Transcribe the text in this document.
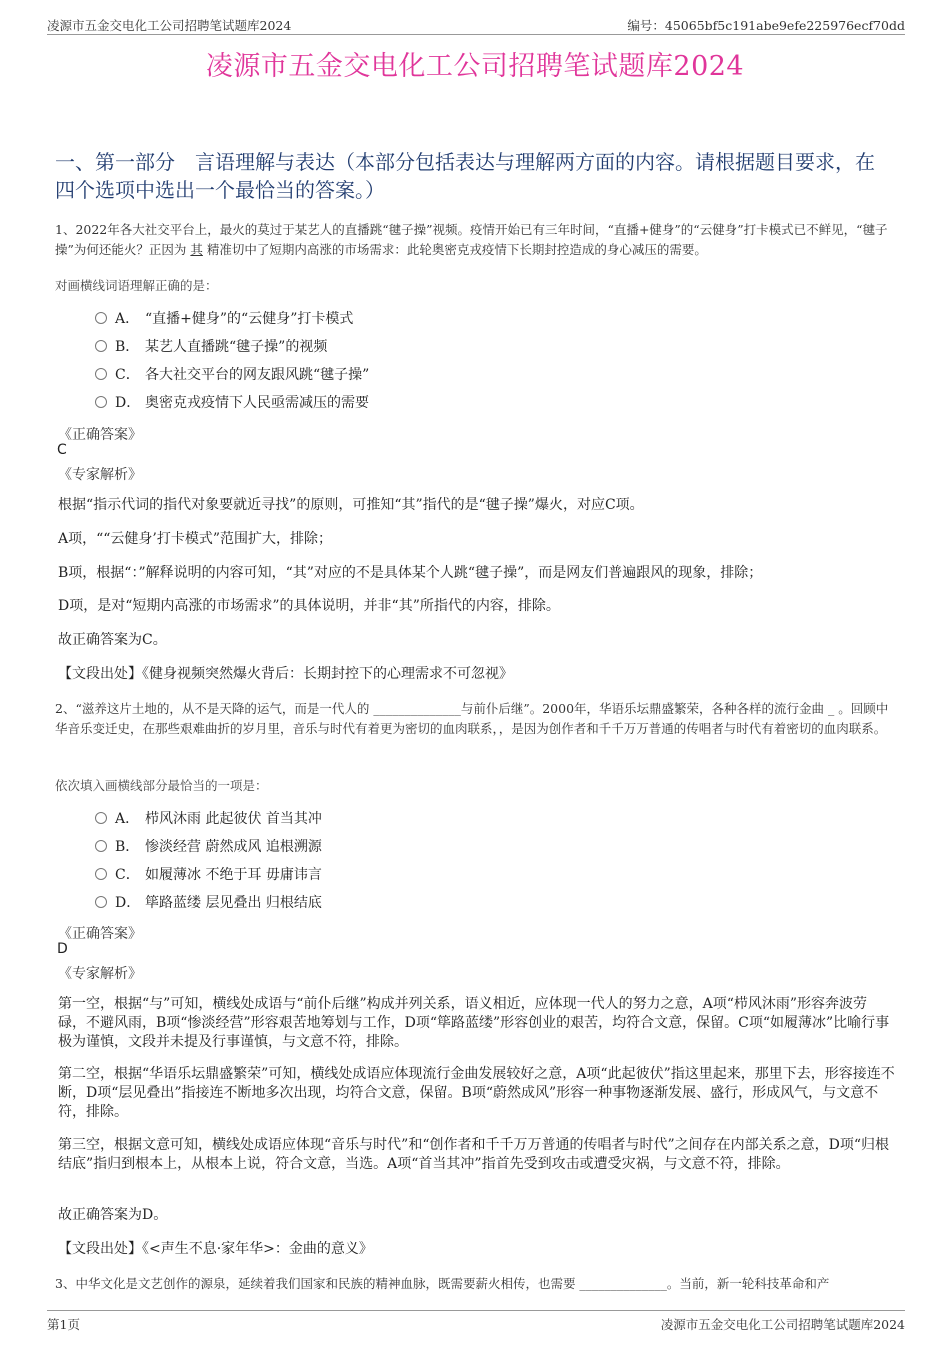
凌源市五金交电化工公司招聘笔试题库2024	编号：45065bf5c191abe9efe225976ecf70dd
凌源市五金交电化工公司招聘笔试题库2024
一、第一部分　言语理解与表达（本部分包括表达与理解两方面的内容。请根据题目要求，在四个选项中选出一个最恰当的答案。）
1、2022年各大社交平台上，最火的莫过于某艺人的直播跳“毽子操”视频。疫情开始已有三年时间，“直播+健身”的“云健身”打卡模式已不鲜见，“毽子操”为何还能火？正因为 其 精准切中了短期内高涨的市场需求：此轮奥密克戎疫情下长期封控造成的身心减压的需要。
对画横线词语理解正确的是：
A． “直播+健身”的“云健身”打卡模式
B． 某艺人直播跳“毽子操”的视频
C． 各大社交平台的网友跟风跳“毽子操”
D． 奥密克戎疫情下人民亟需减压的需要
《正确答案》
C
《专家解析》
根据“指示代词的指代对象要就近寻找”的原则，可推知“其”指代的是“毽子操”爆火，对应C项。
A项，““云健身’打卡模式”范围扩大，排除；
B项，根据“：”解释说明的内容可知，“其”对应的不是具体某个人跳“毽子操”，而是网友们普遍跟风的现象，排除；
D项，是对“短期内高涨的市场需求”的具体说明，并非“其”所指代的内容，排除。
故正确答案为C。
【文段出处】《健身视频突然爆火背后：长期封控下的心理需求不可忽视》
2、“滋养这片土地的，从不是天降的运气，而是一代人的 ______________与前仆后继”。2000年，华语乐坛鼎盛繁荣，各种各样的流行金曲 _ 。回顾中华音乐变迁史，在那些艰难曲折的岁月里，音乐与时代有着更为密切的血肉联系，，是因为创作者和千千万万普通的传唱者与时代有着密切的血肉联系。
依次填入画横线部分最恰当的一项是：
A． 栉风沐雨 此起彼伏 首当其冲
B． 惨淡经营 蔚然成风 追根溯源
C． 如履薄冰 不绝于耳 毋庸讳言
D． 筚路蓝缕 层见叠出 归根结底
《正确答案》
D
《专家解析》
第一空，根据“与”可知，横线处成语与“前仆后继”构成并列关系，语义相近，应体现一代人的努力之意，A项“栉风沐雨”形容奔波劳碌，不避风雨，B项“惨淡经营”形容艰苦地筹划与工作，D项“筚路蓝缕”形容创业的艰苦，均符合文意，保留。C项“如履薄冰”比喻行事极为谨慎，文段并未提及行事谨慎，与文意不符，排除。
第二空，根据“华语乐坛鼎盛繁荣”可知，横线处成语应体现流行金曲发展较好之意，A项“此起彼伏”指这里起来，那里下去，形容接连不断，D项“层见叠出”指接连不断地多次出现，均符合文意，保留。B项“蔚然成风”形容一种事物逐渐发展、盛行，形成风气，与文意不符，排除。
第三空，根据文意可知，横线处成语应体现“音乐与时代”和“创作者和千千万万普通的传唱者与时代”之间存在内部关系之意，D项“归根结底”指归到根本上，从根本上说，符合文意，当选。A项“首当其冲”指首先受到攻击或遭受灾祸，与文意不符，排除。
故正确答案为D。
【文段出处】《<声生不息·家年华>：金曲的意义》
3、中华文化是文艺创作的源泉，延续着我们国家和民族的精神血脉，既需要薪火相传，也需要 ______________。当前，新一轮科技革命和产
第1页	凌源市五金交电化工公司招聘笔试题库2024
